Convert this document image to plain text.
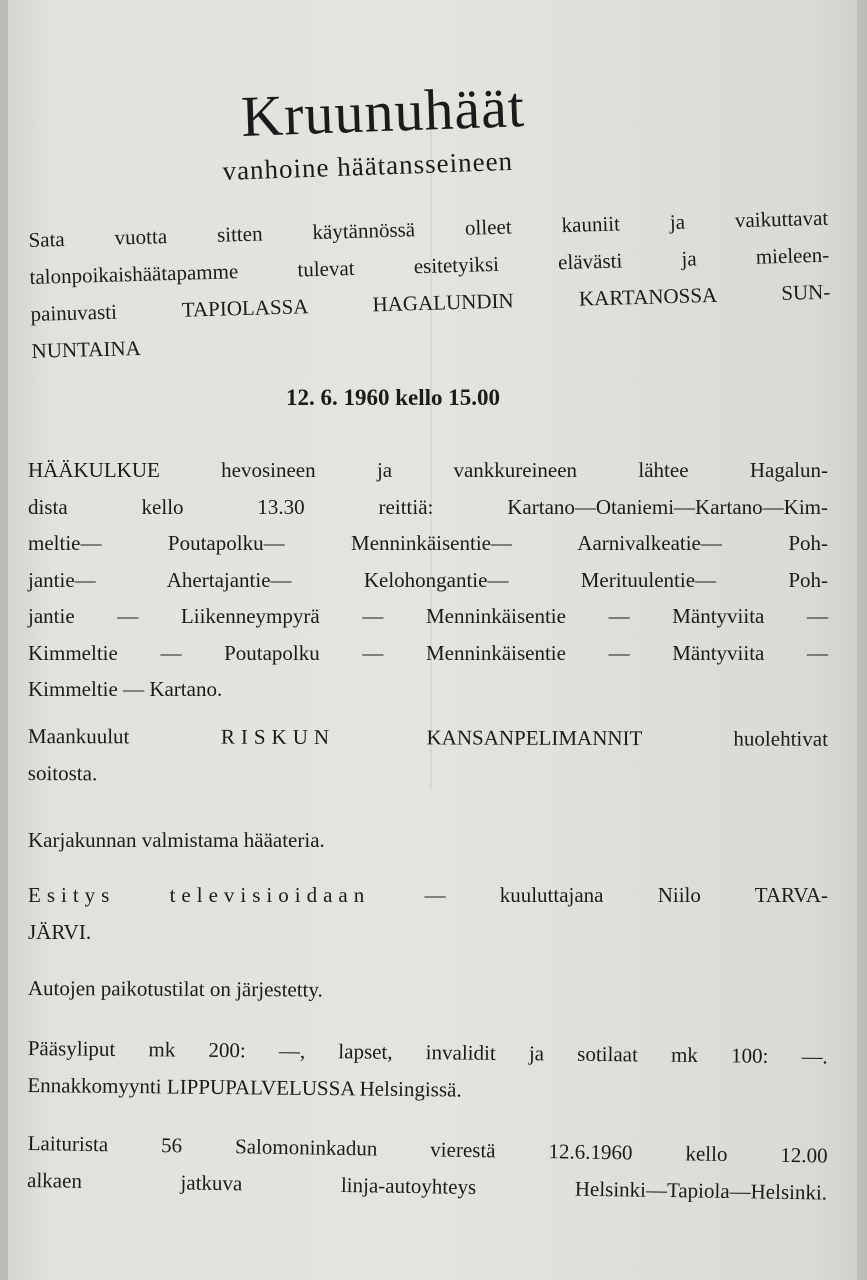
Kruunuhäät
vanhoine häätansseineen
Sata vuotta sitten käytännössä olleet kauniit ja vaikuttavat
talonpoikaishäätapamme tulevat esitetyiksi elävästi ja mieleen-
painuvasti TAPIOLASSA HAGALUNDIN KARTANOSSA SUN-
NUNTAINA
12. 6. 1960 kello 15.00
HÄÄKULKUE hevosineen ja vankkureineen lähtee Hagalun-
dista kello 13.30 reittiä: Kartano—Otaniemi—Kartano—Kim-
meltie— Poutapolku— Menninkäisentie— Aarnivalkeatie— Poh-
jantie— Ahertajantie— Kelohongantie— Merituulentie— Poh-
jantie — Liikenneympyrä — Menninkäisentie — Mäntyviita —
Kimmeltie — Poutapolku — Menninkäisentie — Mäntyviita —
Kimmeltie — Kartano.
Maankuulut	RISKUN	KANSANPELIMANNIT huolehtivat
soitosta.
Karjakunnan valmistama hääateria.
Esitys	televisioidaan	— kuuluttajana Niilo TARVA-
JÄRVI.
Autojen paikotustilat on järjestetty.
Pääsyliput mk 200: —, lapset, invalidit ja sotilaat mk 100: —.
Ennakkomyynti LIPPUPALVELUSSA Helsingissä.
Laiturista 56 Salomoninkadun vierestä 12.6.1960 kello 12.00
alkaen jatkuva linja-autoyhteys Helsinki—Tapiola—Helsinki.
